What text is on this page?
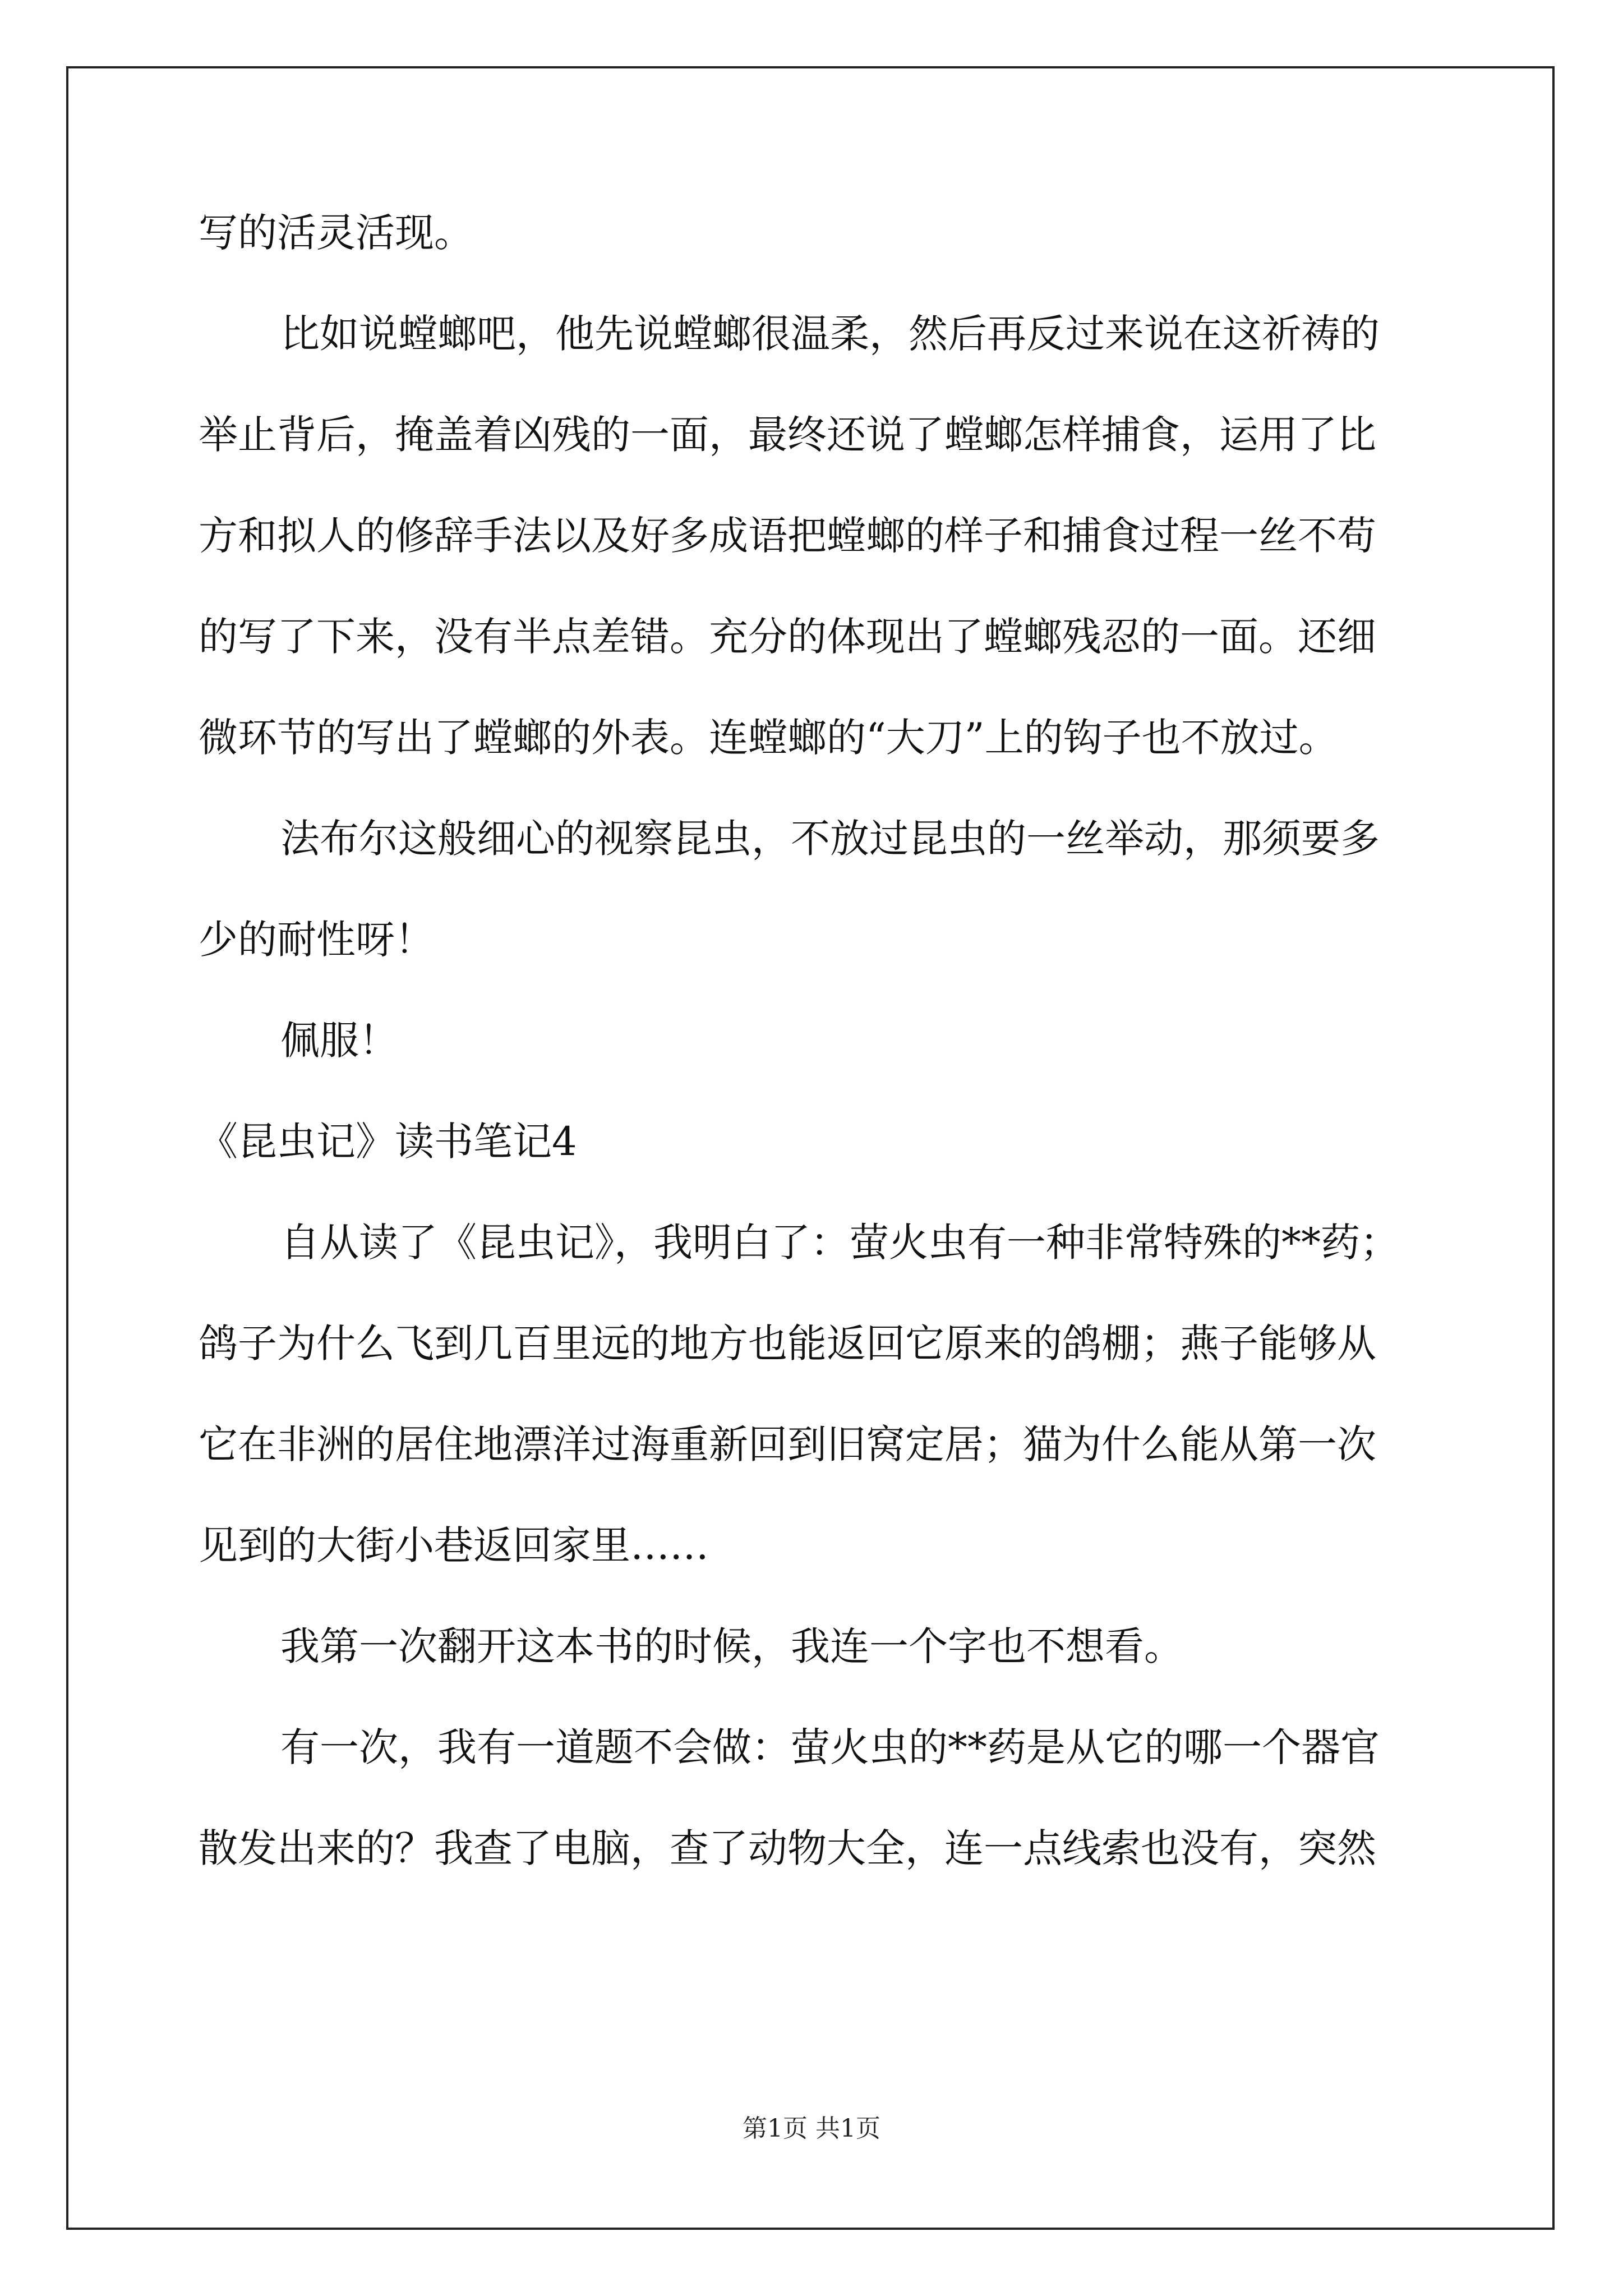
写的活灵活现。
比如说螳螂吧，他先说螳螂很温柔，然后再反过来说在这祈祷的
举止背后，掩盖着凶残的一面，最终还说了螳螂怎样捕食，运用了比
方和拟人的修辞手法以及好多成语把螳螂的样子和捕食过程一丝不苟
的写了下来，没有半点差错。充分的体现出了螳螂残忍的一面。还细
微环节的写出了螳螂的外表。连螳螂的“大刀”上的钩子也不放过。
法布尔这般细心的视察昆虫，不放过昆虫的一丝举动，那须要多
少的耐性呀！
佩服！
《昆虫记》读书笔记4
自从读了《昆虫记》，我明白了：萤火虫有一种非常特殊的**药；
鸽子为什么飞到几百里远的地方也能返回它原来的鸽棚；燕子能够从
它在非洲的居住地漂洋过海重新回到旧窝定居；猫为什么能从第一次
见到的大街小巷返回家里……
我第一次翻开这本书的时候，我连一个字也不想看。
有一次，我有一道题不会做：萤火虫的**药是从它的哪一个器官
散发出来的？我查了电脑，查了动物大全，连一点线索也没有，突然
第1页 共1页
